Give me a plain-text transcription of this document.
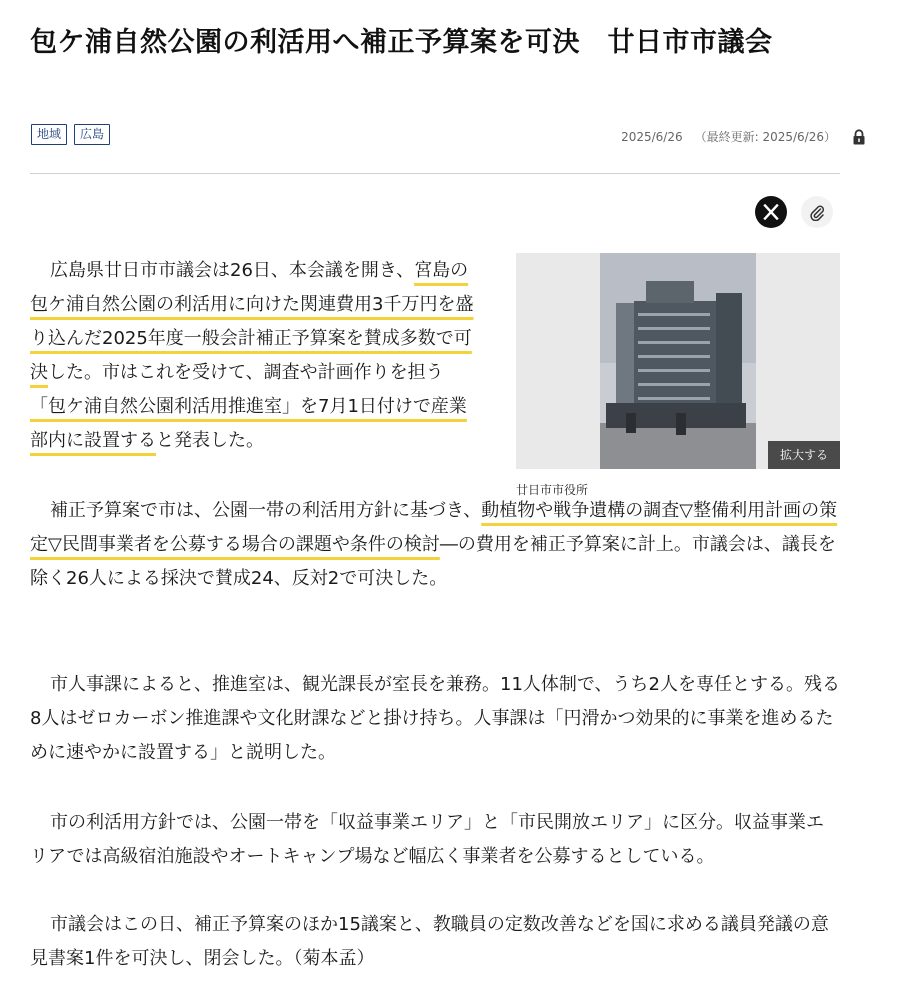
包ケ浦自然公園の利活用へ補正予算案を可決　廿日市市議会
地域	広島	2025/6/26 （最終更新: 2025/6/26）
拡大する
廿日市市役所

広島県廿日市市議会は26日、本会議を開き、宮島の包ケ浦自然公園の利活用に向けた関連費用3千万円を盛り込んだ2025年度一般会計補正予算案を賛成多数で可決した。市はこれを受けて、調査や計画作りを担う「包ケ浦自然公園利活用推進室」を7月1日付けで産業部内に設置すると発表した。

補正予算案で市は、公園一帯の利活用方針に基づき、動植物や戦争遺構の調査▽整備利用計画の策定▽民間事業者を公募する場合の課題や条件の検討―の費用を補正予算案に計上。市議会は、議長を除く26人による採決で賛成24、反対2で可決した。

市人事課によると、推進室は、観光課長が室長を兼務。11人体制で、うち2人を専任とする。残る8人はゼロカーボン推進課や文化財課などと掛け持ち。人事課は「円滑かつ効果的に事業を進めるために速やかに設置する」と説明した。

市の利活用方針では、公園一帯を「収益事業エリア」と「市民開放エリア」に区分。収益事業エリアでは高級宿泊施設やオートキャンプ場など幅広く事業者を公募するとしている。

市議会はこの日、補正予算案のほか15議案と、教職員の定数改善などを国に求める議員発議の意見書案1件を可決し、閉会した。（菊本孟）
